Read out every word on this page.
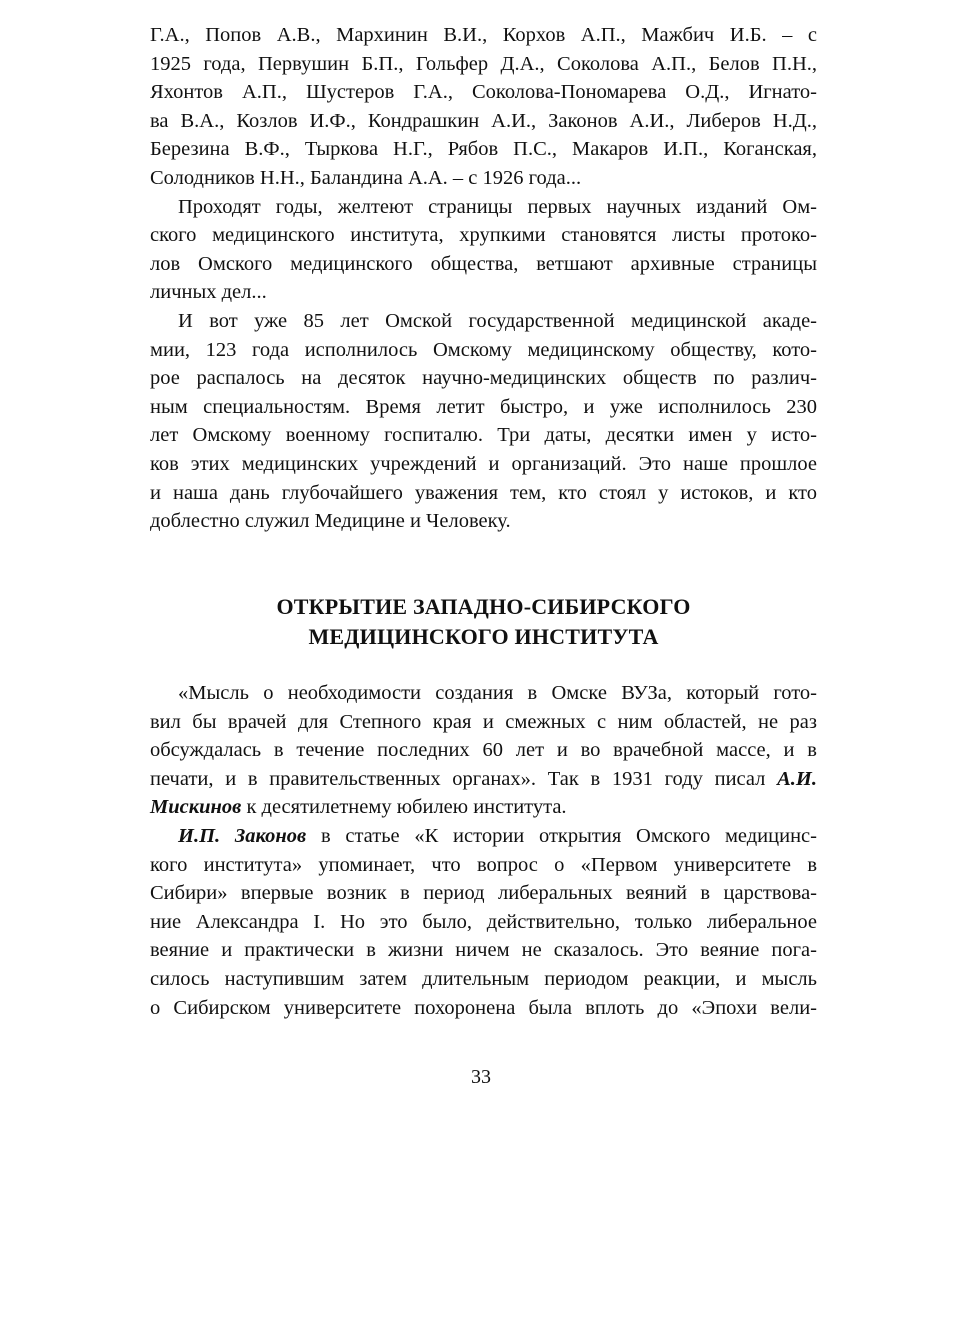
Г.А., Попов А.В., Мархинин В.И., Корхов А.П., Мажбич И.Б. – с
1925 года, Первушин Б.П., Гольфер Д.А., Соколова А.П., Белов П.Н.,
Яхонтов А.П., Шустеров Г.А., Соколова-Пономарева О.Д., Игнато-
ва В.А., Козлов И.Ф., Кондрашкин А.И., Законов А.И., Либеров Н.Д.,
Березина В.Ф., Тыркова Н.Г., Рябов П.С., Макаров И.П., Коганская,
Солодников Н.Н., Баландина А.А. – с 1926 года...
Проходят годы, желтеют страницы первых научных изданий Ом-
ского медицинского института, хрупкими становятся листы протоко-
лов Омского медицинского общества, ветшают архивные страницы
личных дел...
И вот уже 85 лет Омской государственной медицинской акаде-
мии, 123 года исполнилось Омскому медицинскому обществу, кото-
рое распалось на десяток научно-медицинских обществ по различ-
ным специальностям. Время летит быстро, и уже исполнилось 230
лет Омскому военному госпиталю. Три даты, десятки имен у исто-
ков этих медицинских учреждений и организаций. Это наше прошлое
и наша дань глубочайшего уважения тем, кто стоял у истоков, и кто
доблестно служил Медицине и Человеку.
ОТКРЫТИЕ ЗАПАДНО-СИБИРСКОГО
МЕДИЦИНСКОГО ИНСТИТУТА
«Мысль о необходимости создания в Омске ВУЗа, который гото-
вил бы врачей для Степного края и смежных с ним областей, не раз
обсуждалась в течение последних 60 лет и во врачебной массе, и в
печати, и в правительственных органах». Так в 1931 году писал А.И.
Мискинов к десятилетнему юбилею института.
И.П. Законов в статье «К истории открытия Омского медицинс-
кого института» упоминает, что вопрос о «Первом университете в
Сибири» впервые возник в период либеральных веяний в царствова-
ние Александра I. Но это было, действительно, только либеральное
веяние и практически в жизни ничем не сказалось. Это веяние пога-
силось наступившим затем длительным периодом реакции, и мысль
о Сибирском университете похоронена была вплоть до «Эпохи вели-
33
